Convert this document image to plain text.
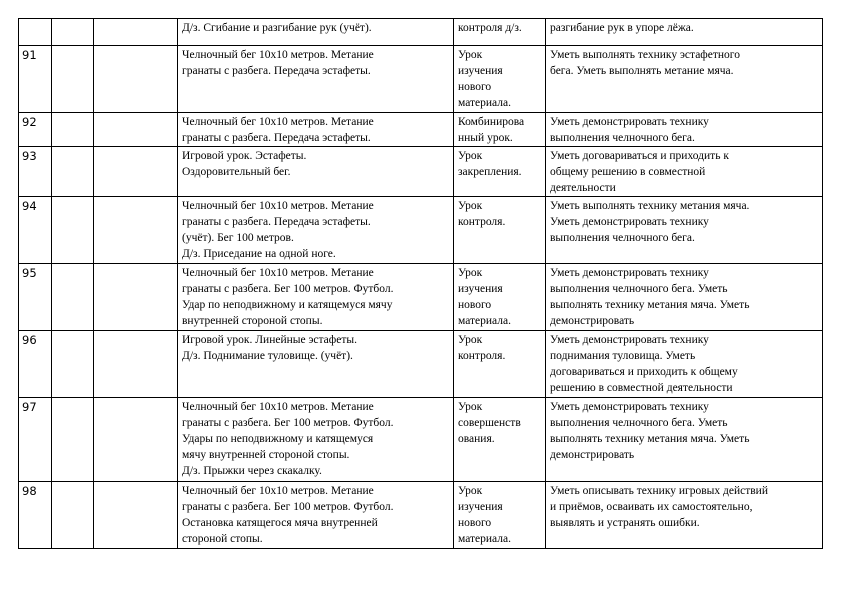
			Д/з. Сгибание и разгибание рук (учёт).	контроля д/з.	разгибание рук в упоре лёжа.
91			Челночный бег 10х10 метров. Метание
гранаты с разбега. Передача эстафеты.	Урок
изучения
нового
материала.	Уметь выполнять технику эстафетного
бега. Уметь выполнять метание мяча.
92			Челночный бег 10х10 метров. Метание
гранаты с разбега. Передача эстафеты.	Комбинирова
нный урок.	Уметь демонстрировать технику
выполнения челночного бега.
93			Игровой урок. Эстафеты.
Оздоровительный бег.	Урок
закрепления.	Уметь договариваться и приходить к
общему решению в совместной
деятельности
94			Челночный бег 10х10 метров. Метание
гранаты с разбега. Передача эстафеты.
(учёт). Бег 100 метров.
Д/з. Приседание на одной ноге.	Урок
контроля.	Уметь выполнять технику метания мяча.
Уметь демонстрировать технику
выполнения челночного бега.
95			Челночный бег 10х10 метров. Метание
гранаты с разбега. Бег 100 метров. Футбол.
Удар по неподвижному и катящемуся мячу
внутренней стороной стопы.	Урок
изучения
нового
материала.	Уметь демонстрировать технику
выполнения челночного бега. Уметь
выполнять технику метания мяча. Уметь
демонстрировать
96			Игровой урок. Линейные эстафеты.
Д/з. Поднимание туловище. (учёт).	Урок
контроля.	Уметь демонстрировать технику
поднимания туловища. Уметь
договариваться и приходить к общему
решению в совместной деятельности
97			Челночный бег 10х10 метров. Метание
гранаты с разбега. Бег 100 метров. Футбол.
Удары по неподвижному и катящемуся
мячу внутренней стороной стопы.
Д/з. Прыжки через скакалку.	Урок
совершенств
ования.	Уметь демонстрировать технику
выполнения челночного бега. Уметь
выполнять технику метания мяча. Уметь
демонстрировать
98			Челночный бег 10х10 метров. Метание
гранаты с разбега. Бег 100 метров. Футбол.
Остановка катящегося мяча внутренней
стороной стопы.	Урок
изучения
нового
материала.	Уметь описывать технику игровых действий
и приёмов, осваивать их самостоятельно,
выявлять и устранять ошибки.
